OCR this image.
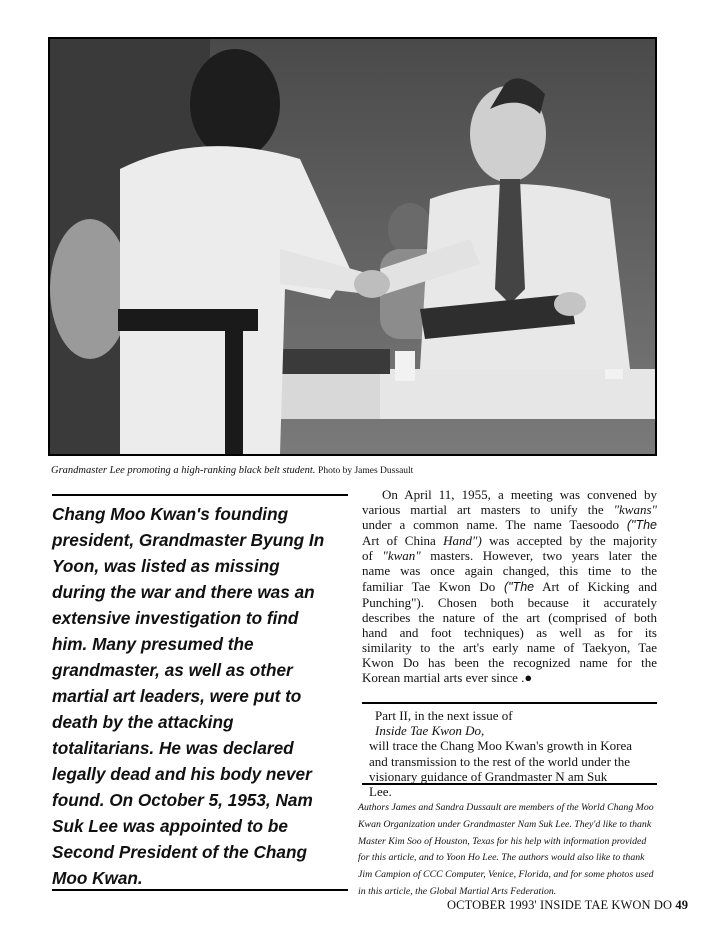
Grandmaster Lee promoting a high-ranking black belt student. Photo by James Dussault
Chang Moo Kwan's founding
president, Grandmaster Byung In
Yoon, was listed as missing
during the war and there was an
extensive investigation to find
him. Many presumed the
grandmaster, as well as other
martial art leaders, were put to
death by the attacking
totalitarians. He was declared
legally dead and his body never
found. On October 5, 1953, Nam
Suk Lee was appointed to be
Second President of the Chang
Moo Kwan.
On April 11, 1955, a meeting was convened by
various martial art masters to unify the "kwans"
under a common name. The name Taesoodo ("The
Art of China Hand") was accepted by the majority
of "kwan" masters. However, two years later the
name was once again changed, this time to the
familiar Tae Kwon Do ("The Art of Kicking and
Punching"). Chosen both because it accurately
describes the nature of the art (comprised of both
hand and foot techniques) as well as for its
similarity to the art's early name of Taekyon, Tae
Kwon Do has been the recognized name for the
Korean martial arts ever since .●
Part II, in the next issue of
Inside Tae Kwon Do,
will trace the Chang Moo Kwan's growth in Korea
and transmission to the rest of the world under the
visionary guidance of Grandmaster N am Suk
Lee.
Authors James and Sandra Dussault are members of the World Chang Moo
Kwan Organization under Grandmaster Nam Suk Lee. They'd like to thank
Master Kim Soo of Houston, Texas for his help with information provided
for this article, and to Yoon Ho Lee. The authors would also like to thank
Jim Campion of CCC Computer, Venice, Florida, and for some photos used
in this article, the Global Martial Arts Federation.
OCTOBER 1993' INSIDE TAE KWON DO 49
